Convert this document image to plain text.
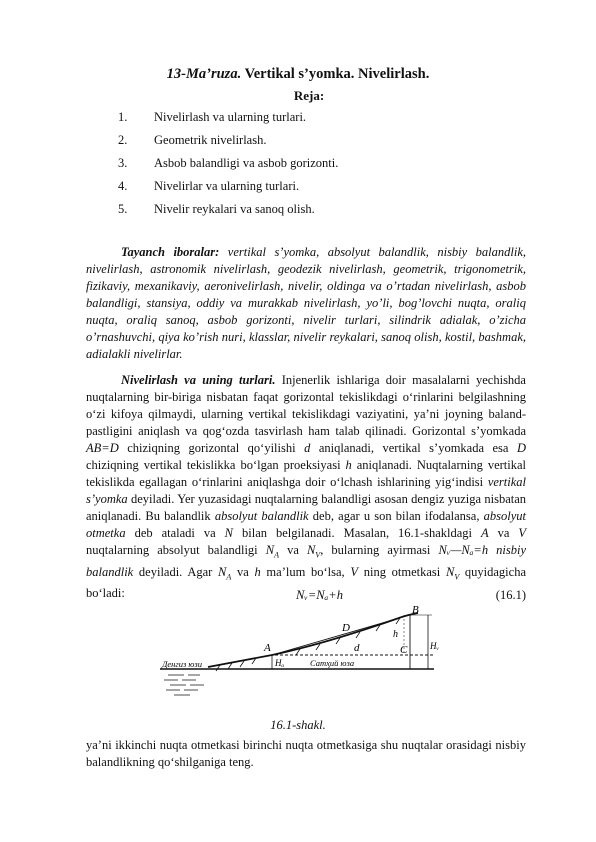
13-Ma’ruza. Vertikal s’yomka. Nivelirlash.
Reja:
1. Nivelirlash va ularning turlari.
2. Geometrik nivelirlash.
3. Asbob balandligi va asbob gorizonti.
4. Nivelirlar va ularning turlari.
5. Nivelir reykalari va sanoq olish.

Tayanch iboralar: vertikal s’yomka, absolyut balandlik, nisbiy balandlik, nivelirlash, astronomik nivelirlash, geodezik nivelirlash, geometrik, trigonometrik, fizikaviy, mexanikaviy, aeronivelirlash, nivelir, oldinga va o’rtadan nivelirlash, asbob balandligi, stansiya, oddiy va murakkab nivelirlash, yo’li, bog’lovchi nuqta, oraliq nuqta, oraliq sanoq, asbob gorizonti, nivelir turlari, silindrik adialak, o’zicha o’rnashuvchi, qiya ko’rish nuri, klasslar, nivelir reykalari, sanoq olish, kostil, bashmak, adialakli nivelirlar.

Nivelirlash va uning turlari. Injenerlik ishlariga doir masalalarni yechishda nuqtalarning bir-biriga nisbatan faqat gorizontal tekislikdagi o‘rinlarini belgilashning o‘zi kifoya qilmaydi, ularning vertikal tekislikdagi vaziyatini, ya’ni joyning baland-pastligini aniqlash va qog‘ozda tasvirlash ham talab qilinadi. Gorizontal s’yomkada AB=D chiziqning gorizontal qo‘yilishi d aniqlanadi, vertikal s’yomkada esa D chiziqning vertikal tekislikka bo‘lgan proeksiyasi h aniqlanadi. Nuqtalarning vertikal tekislikda egallagan o‘rinlarini aniqlashga doir o‘lchash ishlarining yig‘indisi vertikal s’yomka deyiladi. Yer yuzasidagi nuqtalarning balandligi asosan dengiz yuziga nisbatan aniqlanadi. Bu balandlik absolyut balandlik deb, agar u son bilan ifodalansa, absolyut otmetka deb ataladi va N bilan belgilanadi. Masalan, 16.1-shakldagi A va V nuqtalarning absolyut balandligi $N_A$ va $N_V$, bularning ayirmasi Nᵥ—Nₐ=h nisbiy balandlik deyiladi. Agar $N_A$ va h ma’lum bo‘lsa, V ning otmetkasi $N_V$ quyidagicha bo‘ladi:	Nᵥ=Nₐ+h	(16.1)
B
D
A	d	C
h
Hₐ
Hᵥ
Денгиз юзи	Сатҳий юза
16.1-shakl.

ya’ni ikkinchi nuqta otmetkasi birinchi nuqta otmetkasiga shu nuqtalar orasidagi nisbiy balandlikning qo‘shilganiga teng.
